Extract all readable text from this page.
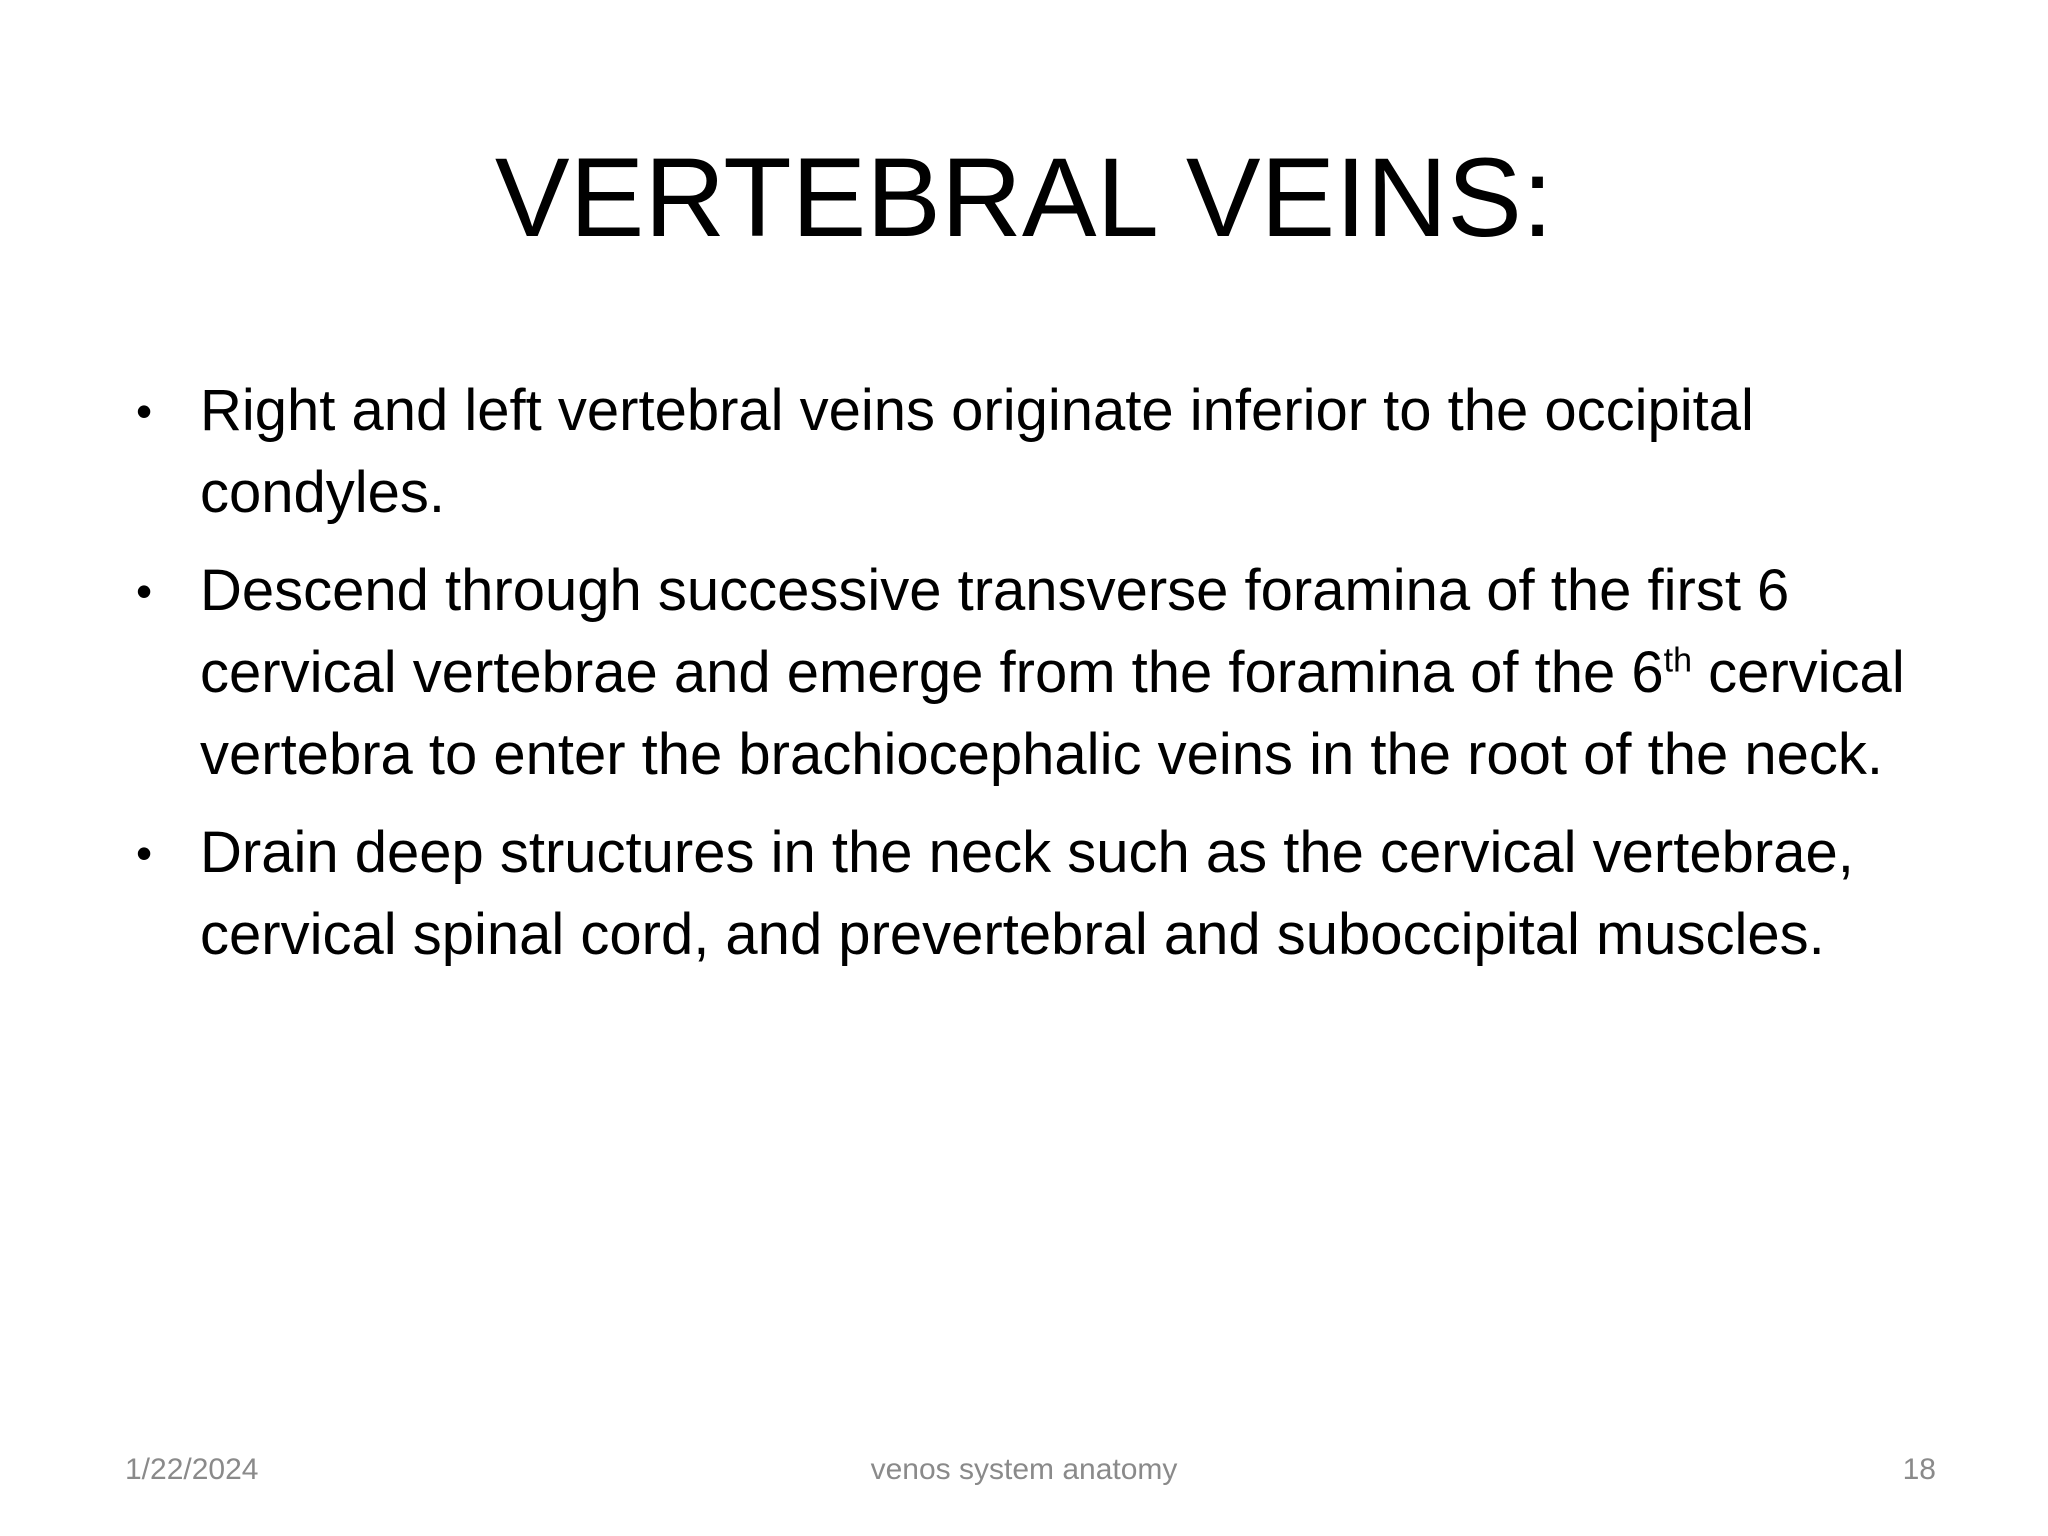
VERTEBRAL VEINS:
• Right and left vertebral veins originate inferior to the occipital condyles.
• Descend through successive transverse foramina of the first 6 cervical vertebrae and emerge from the foramina of the 6th cervical vertebra to enter the brachiocephalic veins in the root of the neck.
• Drain deep structures in the neck such as the cervical vertebrae, cervical spinal cord, and prevertebral and suboccipital muscles.
1/22/2024	venos system anatomy	18
